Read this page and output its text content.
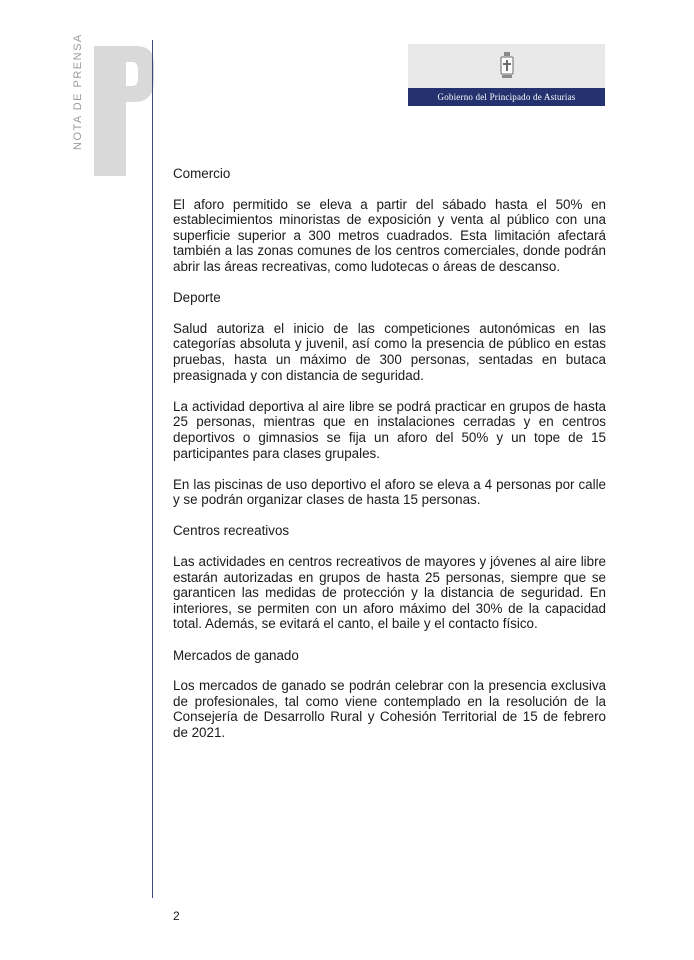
NOTA DE PRENSA	Gobierno del Principado de Asturias
Comercio

El aforo permitido se eleva a partir del sábado hasta el 50% en establecimientos minoristas de exposición y venta al público con una superficie superior a 300 metros cuadrados. Esta limitación afectará también a las zonas comunes de los centros comerciales, donde podrán abrir las áreas recreativas, como ludotecas o áreas de descanso.

Deporte

Salud autoriza el inicio de las competiciones autonómicas en las categorías absoluta y juvenil, así como la presencia de público en estas pruebas, hasta un máximo de 300 personas, sentadas en butaca preasignada y con distancia de seguridad.

La actividad deportiva al aire libre se podrá practicar en grupos de hasta 25 personas, mientras que en instalaciones cerradas y en centros deportivos o gimnasios se fija un aforo del 50% y un tope de 15 participantes para clases grupales.

En las piscinas de uso deportivo el aforo se eleva a 4 personas por calle y se podrán organizar clases de hasta 15 personas.

Centros recreativos

Las actividades en centros recreativos de mayores y jóvenes al aire libre estarán autorizadas en grupos de hasta 25 personas, siempre que se garanticen las medidas de protección y la distancia de seguridad. En interiores, se permiten con un aforo máximo del 30% de la capacidad total. Además, se evitará el canto, el baile y el contacto físico.

Mercados de ganado

Los mercados de ganado se podrán celebrar con la presencia exclusiva de profesionales, tal como viene contemplado en la resolución de la Consejería de Desarrollo Rural y Cohesión Territorial de 15 de febrero de 2021.

2
